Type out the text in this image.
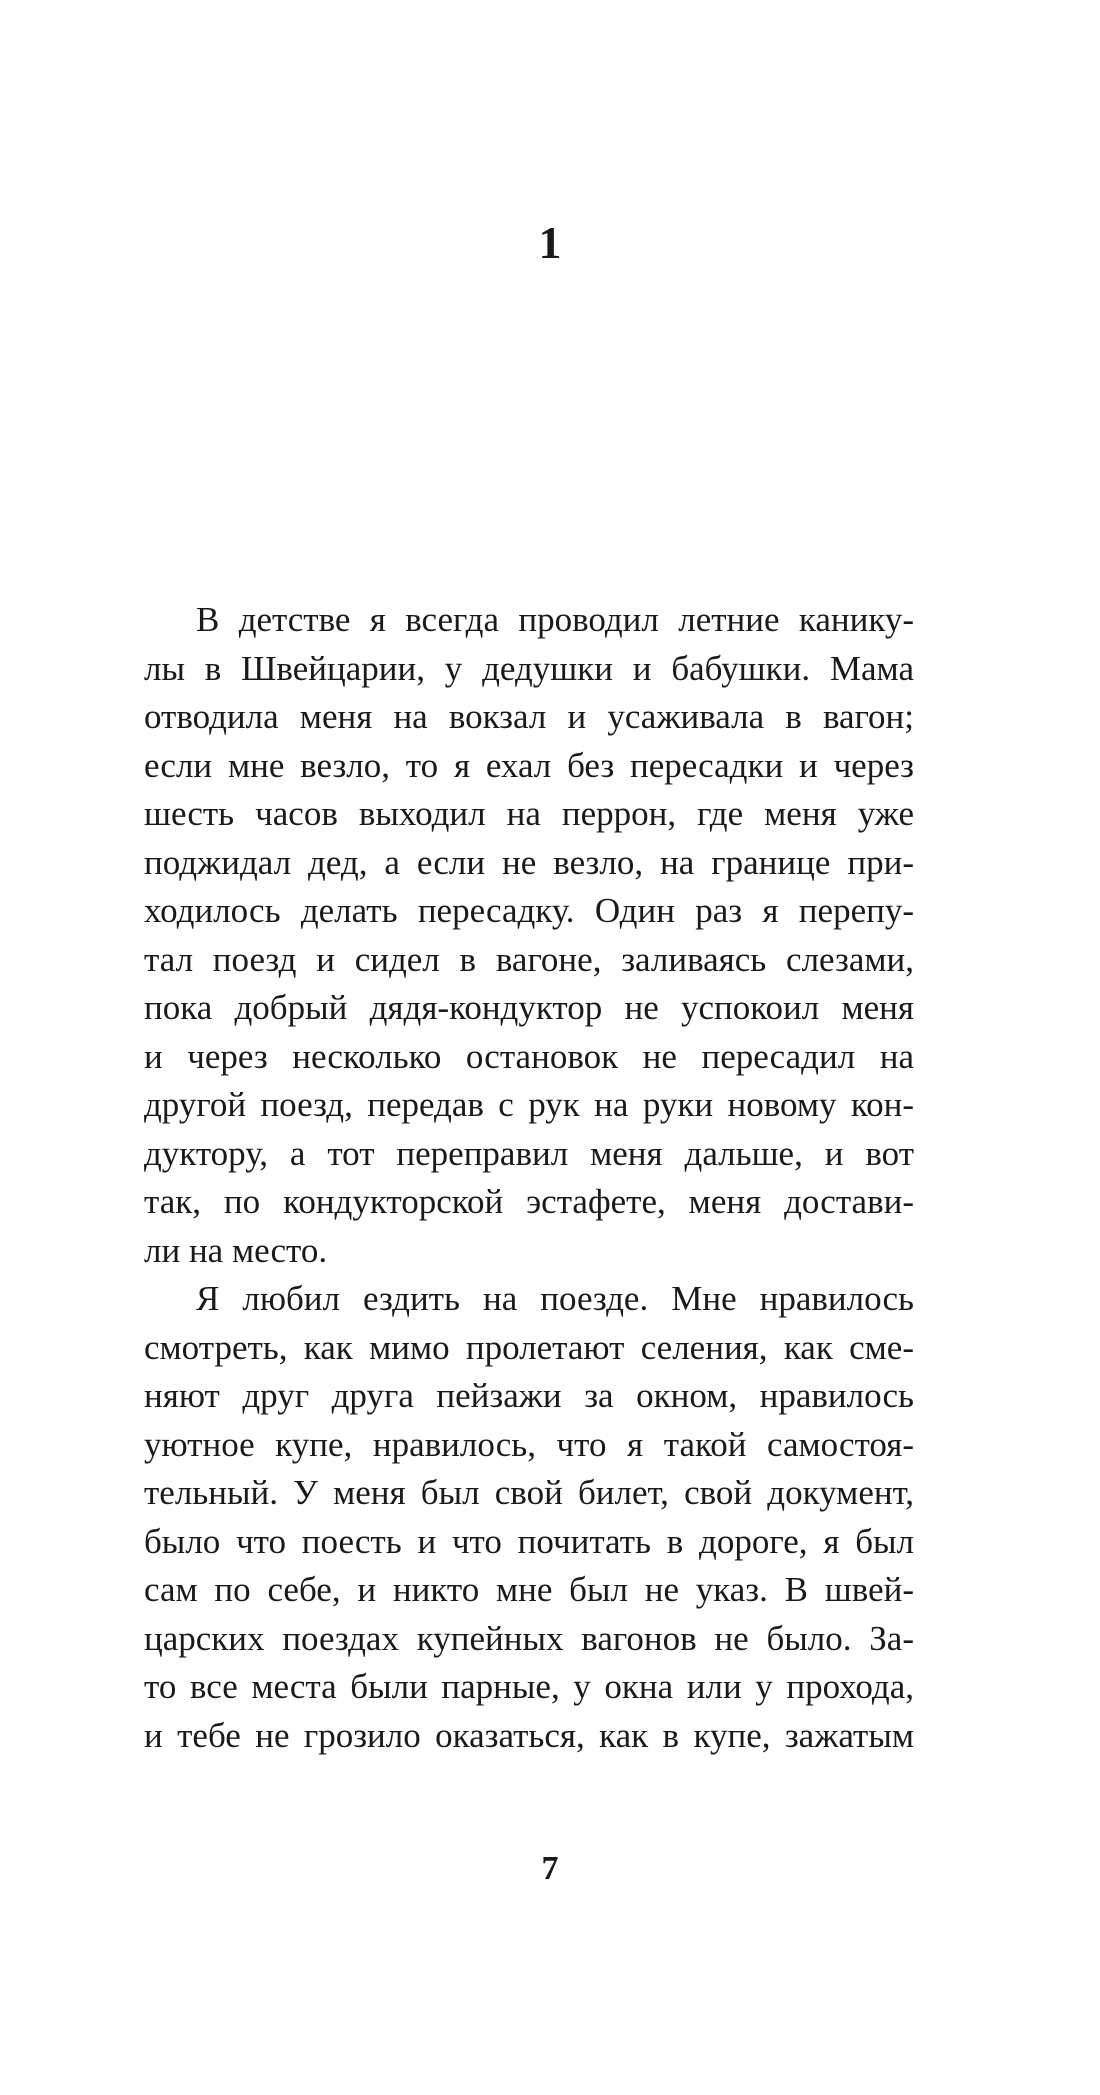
1
В детстве я всегда проводил летние канику-
лы в Швейцарии, у дедушки и бабушки. Мама
отводила меня на вокзал и усаживала в вагон;
если мне везло, то я ехал без пересадки и через
шесть часов выходил на перрон, где меня уже
поджидал дед, а если не везло, на границе при-
ходилось делать пересадку. Один раз я перепу-
тал поезд и сидел в вагоне, заливаясь слезами,
пока добрый дядя-кондуктор не успокоил меня
и через несколько остановок не пересадил на
другой поезд, передав с рук на руки новому кон-
дуктору, а тот переправил меня дальше, и вот
так, по кондукторской эстафете, меня достави-
ли на место.
Я любил ездить на поезде. Мне нравилось
смотреть, как мимо пролетают селения, как сме-
няют друг друга пейзажи за окном, нравилось
уютное купе, нравилось, что я такой самостоя-
тельный. У меня был свой билет, свой документ,
было что поесть и что почитать в дороге, я был
сам по себе, и никто мне был не указ. В швей-
царских поездах купейных вагонов не было. За-
то все места были парные, у окна или у прохода,
и тебе не грозило оказаться, как в купе, зажатым
7
